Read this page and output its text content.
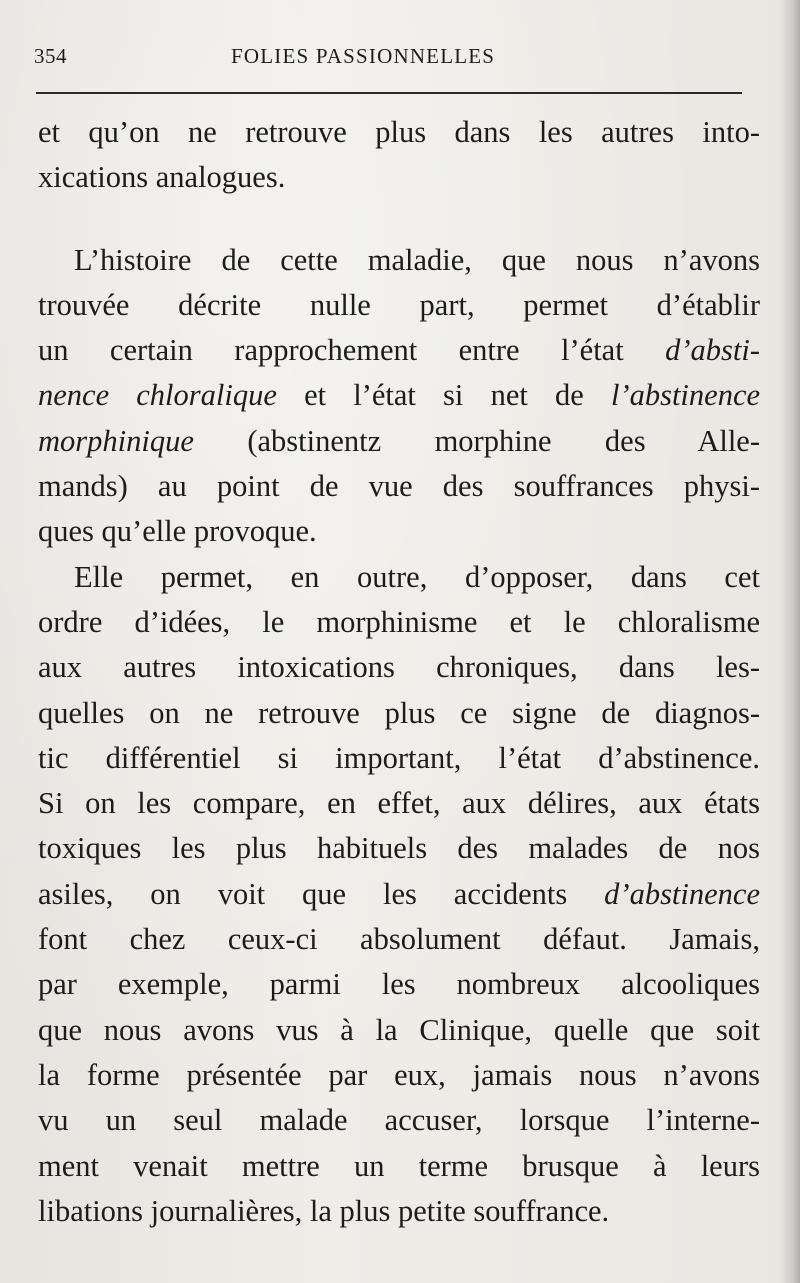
354	FOLIES PASSIONNELLES
et qu’on ne retrouve plus dans les autres into-
xications analogues.
L’histoire de cette maladie, que nous n’avons
trouvée décrite nulle part, permet d’établir
un certain rapprochement entre l’état d’absti-
nence chloralique et l’état si net de l’abstinence
morphinique (abstinentz morphine des Alle-
mands) au point de vue des souffrances physi-
ques qu’elle provoque.
Elle permet, en outre, d’opposer, dans cet
ordre d’idées, le morphinisme et le chloralisme
aux autres intoxications chroniques, dans les-
quelles on ne retrouve plus ce signe de diagnos-
tic différentiel si important, l’état d’abstinence.
Si on les compare, en effet, aux délires, aux états
toxiques les plus habituels des malades de nos
asiles, on voit que les accidents d’abstinence
font chez ceux-ci absolument défaut. Jamais,
par exemple, parmi les nombreux alcooliques
que nous avons vus à la Clinique, quelle que soit
la forme présentée par eux, jamais nous n’avons
vu un seul malade accuser, lorsque l’interne-
ment venait mettre un terme brusque à leurs
libations journalières, la plus petite souffrance.
